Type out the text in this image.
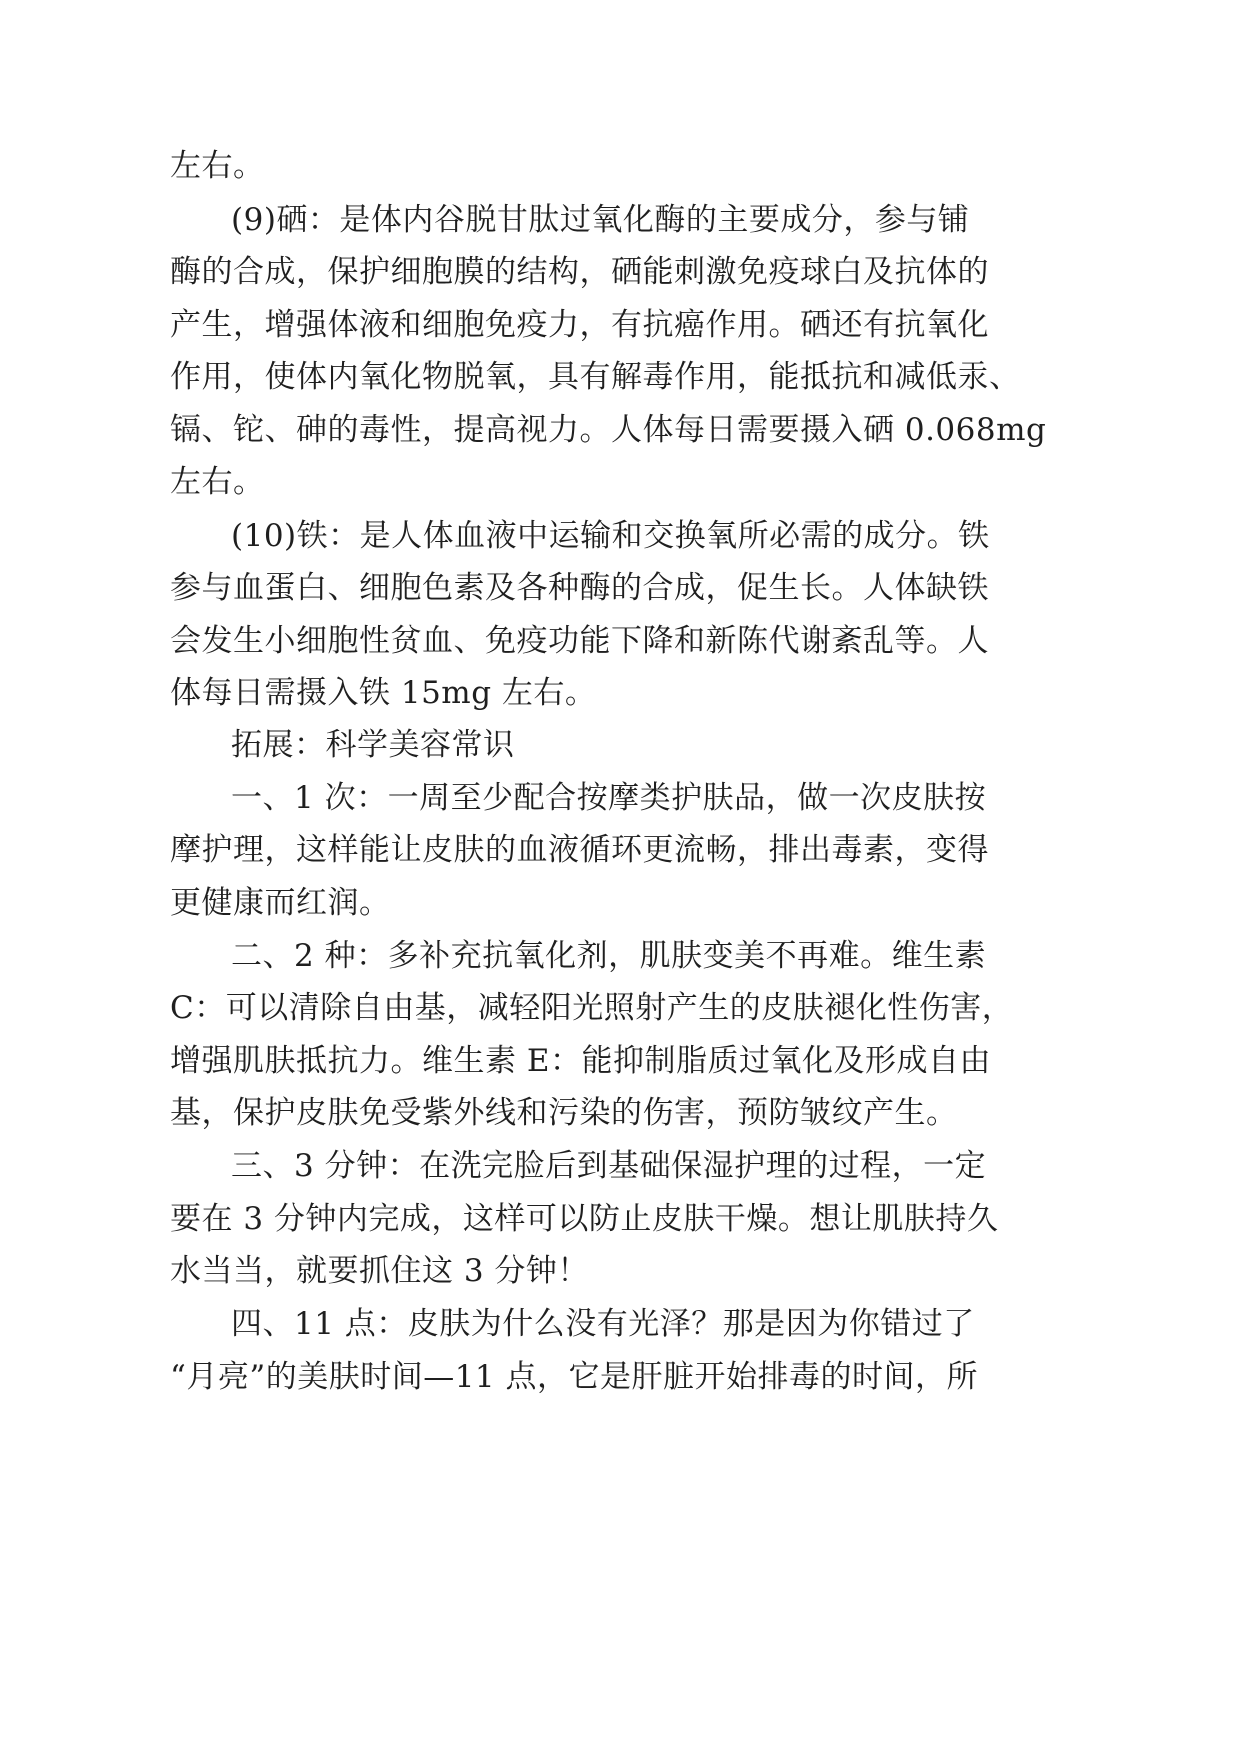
左右。
(9)硒：是体内谷脱甘肽过氧化酶的主要成分，参与铺
酶的合成，保护细胞膜的结构，硒能刺激免疫球白及抗体的
产生，增强体液和细胞免疫力，有抗癌作用。硒还有抗氧化
作用，使体内氧化物脱氧，具有解毒作用，能抵抗和减低汞、
镉、铊、砷的毒性，提高视力。人体每日需要摄入硒 0.068mg
左右。
(10)铁：是人体血液中运输和交换氧所必需的成分。铁
参与血蛋白、细胞色素及各种酶的合成，促生长。人体缺铁
会发生小细胞性贫血、免疫功能下降和新陈代谢紊乱等。人
体每日需摄入铁 15mg 左右。
拓展：科学美容常识
一、1 次：一周至少配合按摩类护肤品，做一次皮肤按
摩护理，这样能让皮肤的血液循环更流畅，排出毒素，变得
更健康而红润。
二、2 种：多补充抗氧化剂，肌肤变美不再难。维生素
C：可以清除自由基，减轻阳光照射产生的皮肤褪化性伤害，
增强肌肤抵抗力。维生素 E：能抑制脂质过氧化及形成自由
基，保护皮肤免受紫外线和污染的伤害，预防皱纹产生。
三、3 分钟：在洗完脸后到基础保湿护理的过程，一定
要在 3 分钟内完成，这样可以防止皮肤干燥。想让肌肤持久
水当当，就要抓住这 3 分钟！
四、11 点：皮肤为什么没有光泽？那是因为你错过了
“月亮”的美肤时间—11 点，它是肝脏开始排毒的时间，所
